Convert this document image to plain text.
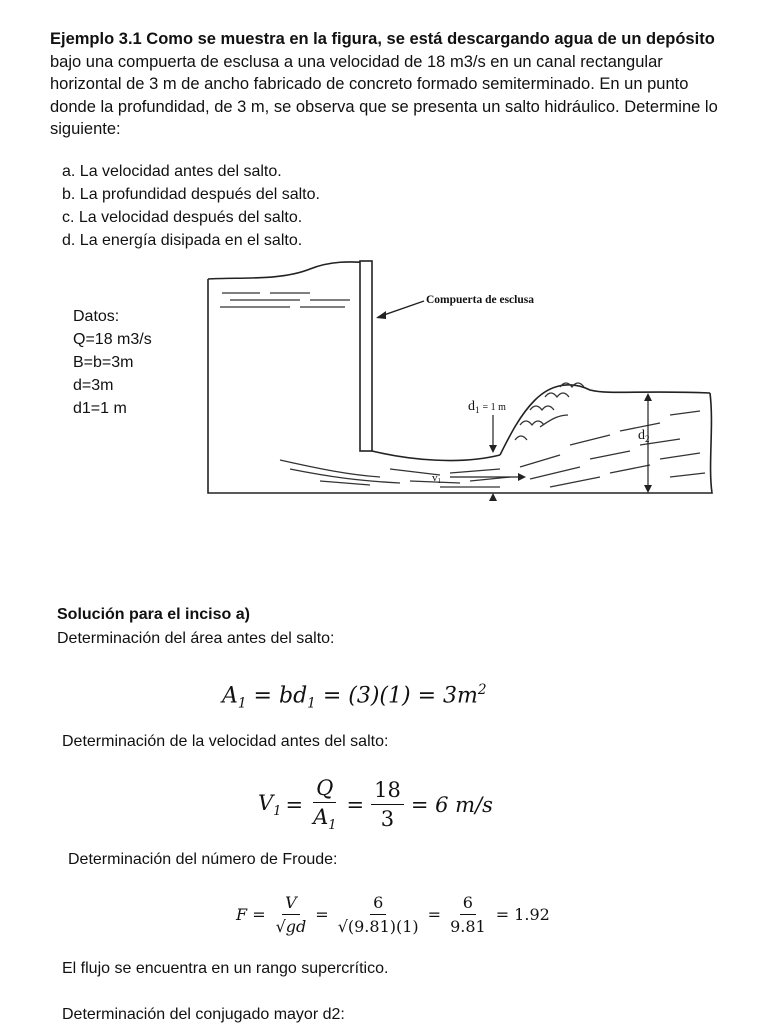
Ejemplo 3.1 Como se muestra en la figura, se está descargando agua de un depósito bajo una compuerta de esclusa a una velocidad de 18 m3/s en un canal rectangular horizontal de 3 m de ancho fabricado de concreto formado semiterminado. En un punto donde la profundidad, de 3 m, se observa que se presenta un salto hidráulico. Determine lo siguiente:
a. La velocidad antes del salto.
b. La profundidad después del salto.
c. La velocidad después del salto.
d. La energía disipada en el salto.
Datos:
Q=18 m3/s
B=b=3m
d=3m
d1=1 m
Compuerta de esclusa
$d_1$ $^{= 1 m}$
$d_2$
v1
Solución para el inciso a)
Determinación del área antes del salto:
$A_1 = bd_1 = (3)(1) = 3m^2$
Determinación de la velocidad antes del salto:
$V_1 = \frac{Q}{A_1} = \frac{18}{3} = 6$ m/s
Determinación del número de Froude:
$F = \frac{V}{√gd} = \frac{6}{√(9.81)(1)} = \frac{6}{9.81} = 1.92$
El flujo se encuentra en un rango supercrítico.
Determinación del conjugado mayor d2:
